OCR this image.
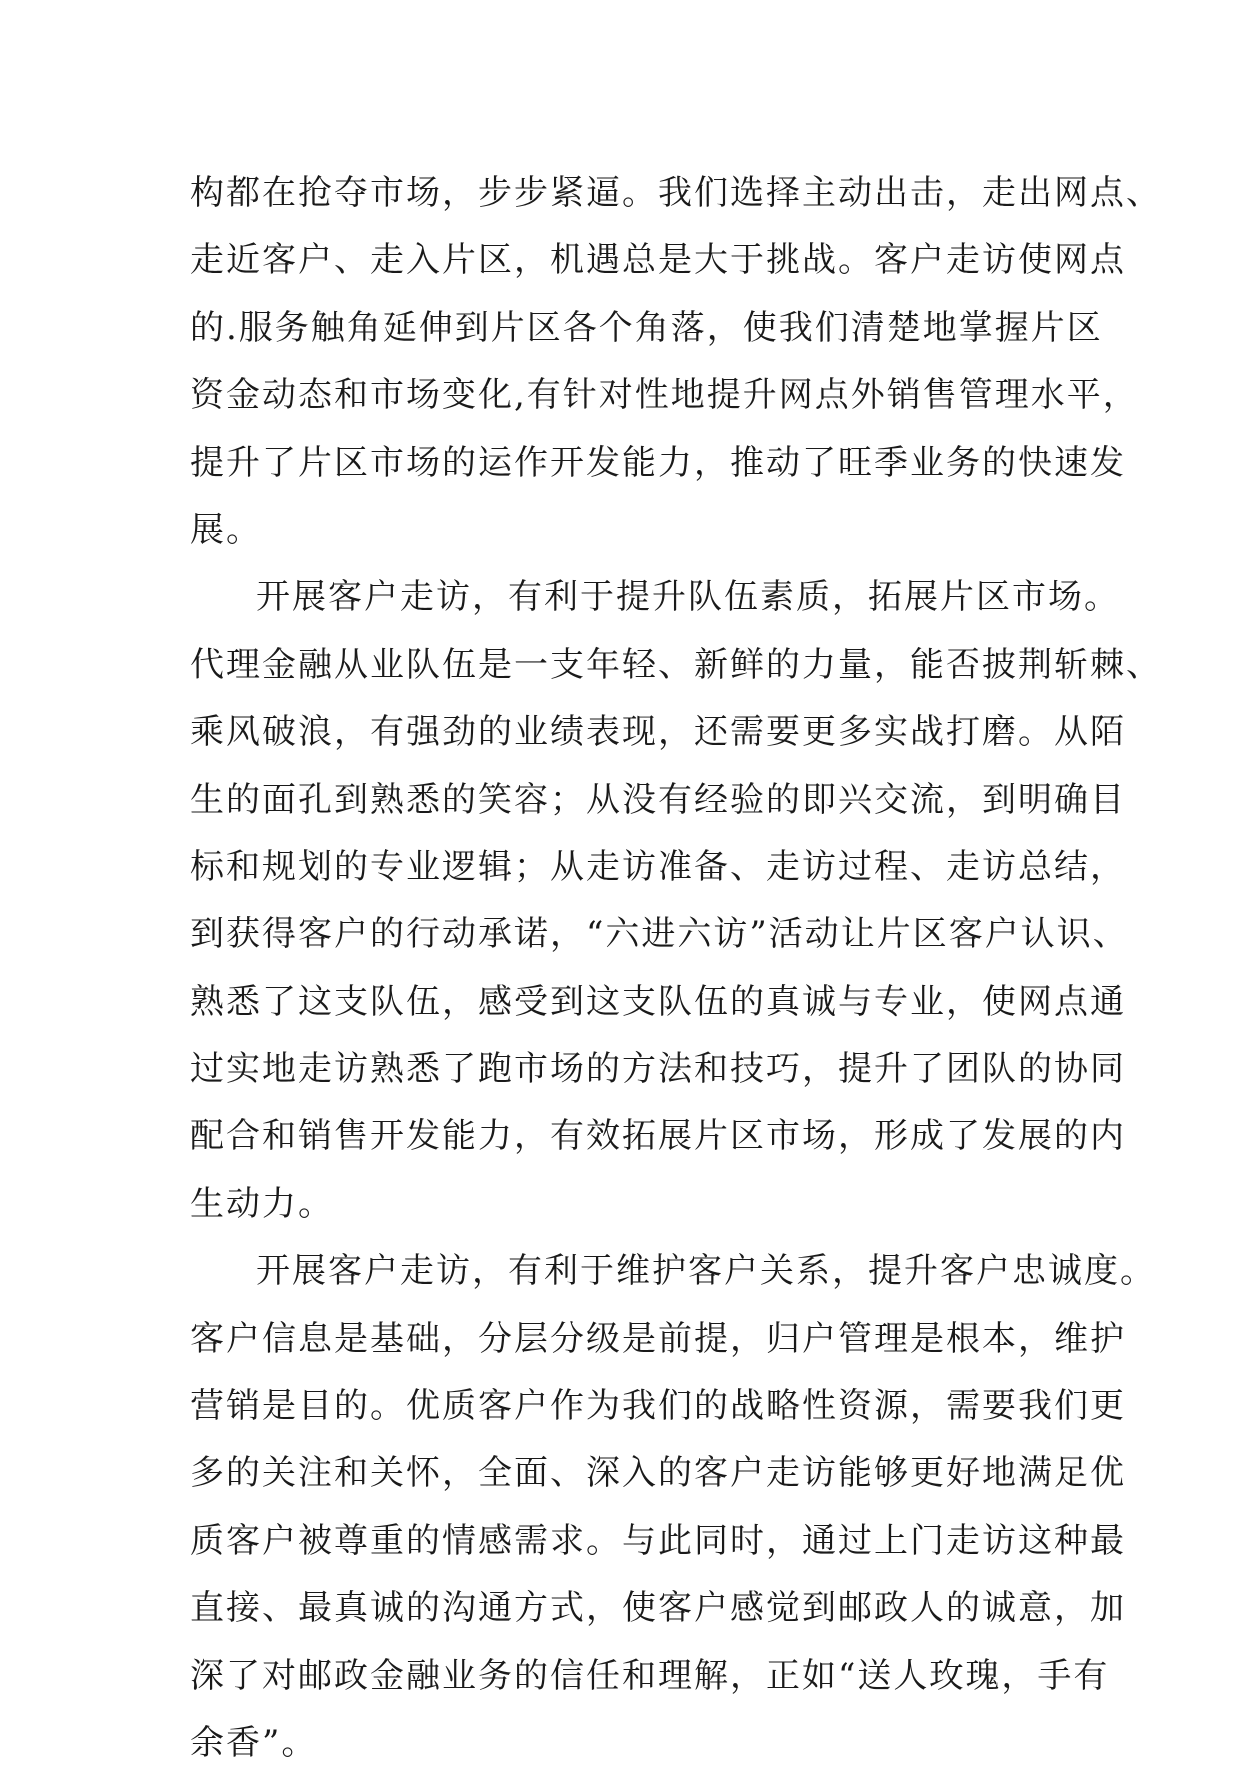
构都在抢夺市场，步步紧逼。我们选择主动出击，走出网点、
走近客户、走入片区，机遇总是大于挑战。客户走访使网点
的.服务触角延伸到片区各个角落，使我们清楚地掌握片区
资金动态和市场变化,有针对性地提升网点外销售管理水平，
提升了片区市场的运作开发能力，推动了旺季业务的快速发
展。
开展客户走访，有利于提升队伍素质，拓展片区市场。
代理金融从业队伍是一支年轻、新鲜的力量，能否披荆斩棘、
乘风破浪，有强劲的业绩表现，还需要更多实战打磨。从陌
生的面孔到熟悉的笑容；从没有经验的即兴交流，到明确目
标和规划的专业逻辑；从走访准备、走访过程、走访总结，
到获得客户的行动承诺，“六进六访”活动让片区客户认识、
熟悉了这支队伍，感受到这支队伍的真诚与专业，使网点通
过实地走访熟悉了跑市场的方法和技巧，提升了团队的协同
配合和销售开发能力，有效拓展片区市场，形成了发展的内
生动力。
开展客户走访，有利于维护客户关系，提升客户忠诚度。
客户信息是基础，分层分级是前提，归户管理是根本，维护
营销是目的。优质客户作为我们的战略性资源，需要我们更
多的关注和关怀，全面、深入的客户走访能够更好地满足优
质客户被尊重的情感需求。与此同时，通过上门走访这种最
直接、最真诚的沟通方式，使客户感觉到邮政人的诚意，加
深了对邮政金融业务的信任和理解，正如“送人玫瑰，手有
余香”。
